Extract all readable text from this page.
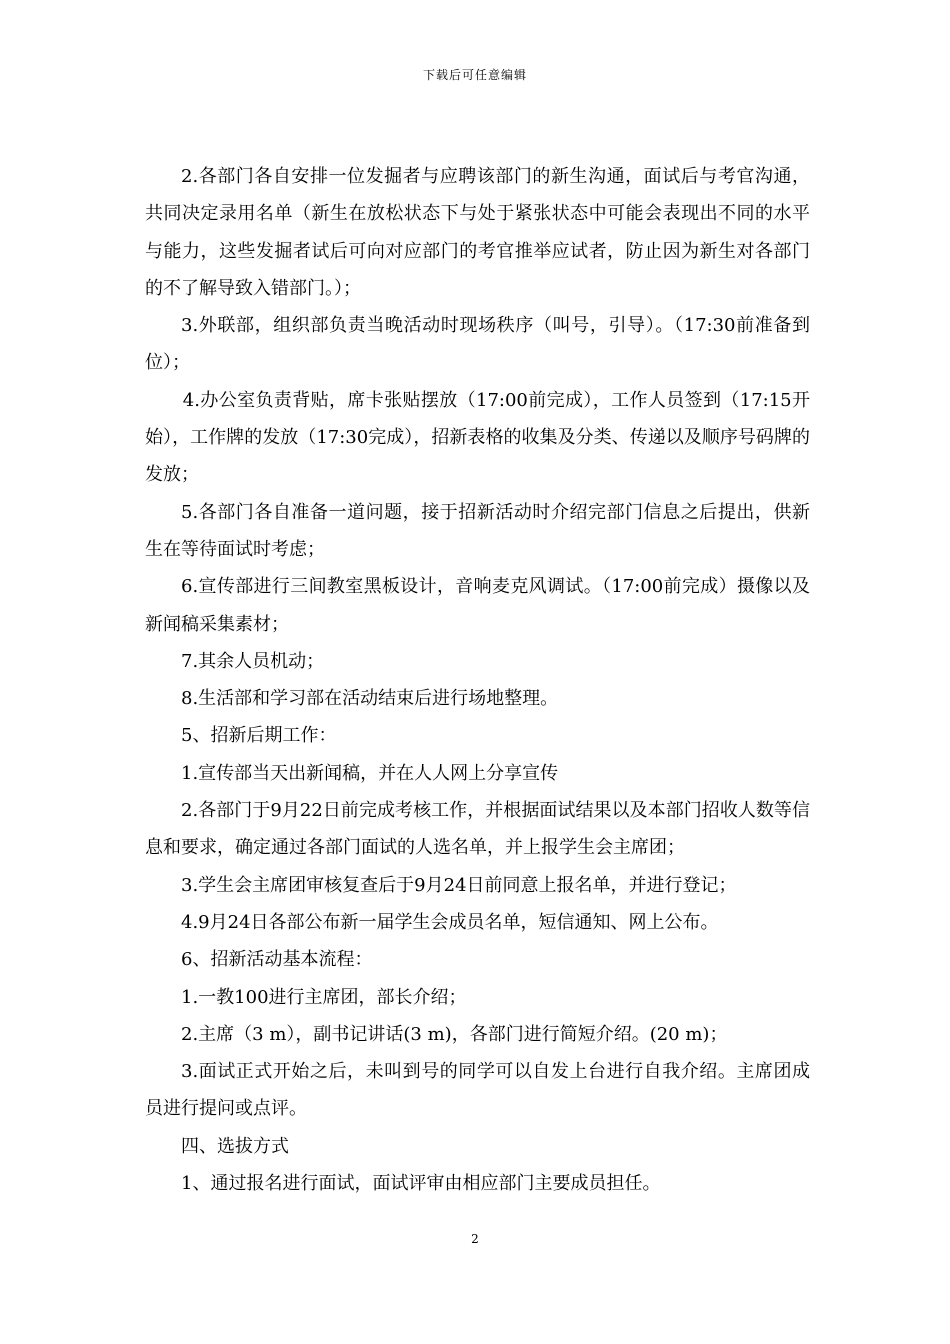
下载后可任意编辑

2.各部门各自安排一位发掘者与应聘该部门的新生沟通，面试后与考官沟通，共同决定录用名单（新生在放松状态下与处于紧张状态中可能会表现出不同的水平与能力，这些发掘者试后可向对应部门的考官推举应试者，防止因为新生对各部门的不了解导致入错部门。）；

3.外联部，组织部负责当晚活动时现场秩序（叫号，引导）。（17:30前准备到位）；

4.办公室负责背贴，席卡张贴摆放（17:00前完成），工作人员签到（17:15开始），工作牌的发放（17:30完成），招新表格的收集及分类、传递以及顺序号码牌的发放；

5.各部门各自准备一道问题，接于招新活动时介绍完部门信息之后提出，供新生在等待面试时考虑；

6.宣传部进行三间教室黑板设计，音响麦克风调试。（17:00前完成）摄像以及新闻稿采集素材；

7.其余人员机动；

8.生活部和学习部在活动结束后进行场地整理。

5、招新后期工作：

1.宣传部当天出新闻稿，并在人人网上分享宣传

2.各部门于9月22日前完成考核工作，并根据面试结果以及本部门招收人数等信息和要求，确定通过各部门面试的人选名单，并上报学生会主席团；

3.学生会主席团审核复查后于9月24日前同意上报名单，并进行登记；

4.9月24日各部公布新一届学生会成员名单，短信通知、网上公布。

6、招新活动基本流程：

1.一教100进行主席团，部长介绍；

2.主席（3 m），副书记讲话(3 m)，各部门进行简短介绍。(20 m)；

3.面试正式开始之后，未叫到号的同学可以自发上台进行自我介绍。主席团成员进行提问或点评。

四、选拔方式

1、通过报名进行面试，面试评审由相应部门主要成员担任。

2
